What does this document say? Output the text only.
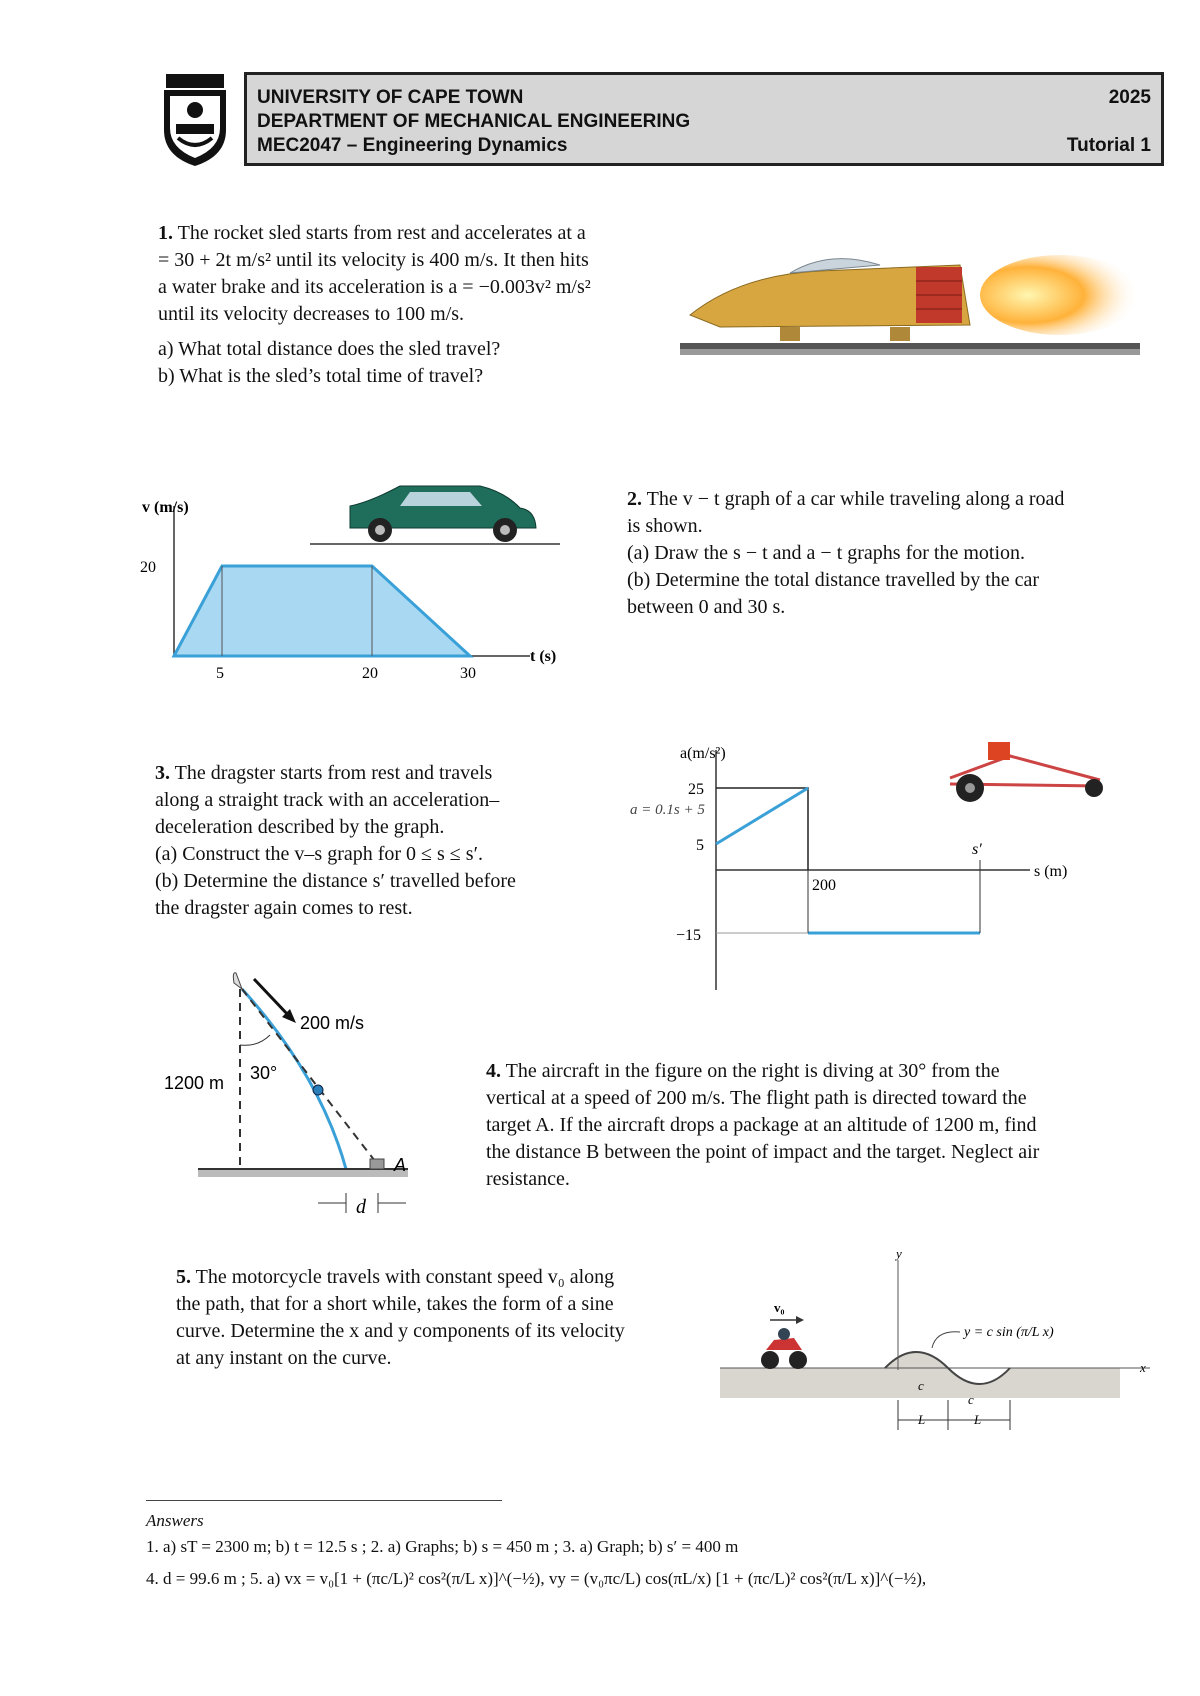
UNIVERSITY OF CAPE TOWN
DEPARTMENT OF MECHANICAL ENGINEERING
MEC2047 – Engineering Dynamics
2025
Tutorial 1

1. The rocket sled starts from rest and accelerates at a

= 30 + 2t m/s² until its velocity is 400 m/s. It then hits

a water brake and its acceleration is a = −0.003v² m/s²

until its velocity decreases to 100 m/s.

a) What total distance does the sled travel?

b) What is the sled’s total time of travel?

v (m/s)
20
5	20	30
t (s)

2. The v − t graph of a car while traveling along a road

is shown.

(a) Draw the s − t and a − t graphs for the motion.

(b) Determine the total distance travelled by the car

between 0 and 30 s.

3. The dragster starts from rest and travels

along a straight track with an acceleration–

deceleration described by the graph.

(a) Construct the v–s graph for 0 ≤ s ≤ s′.

(b) Determine the distance s′ travelled before

the dragster again comes to rest.

a(m/s²)
25
5
−15
200
s′
s (m)
a = 0.1s + 5
200 m/s
1200 m 30°
A
d

4. The aircraft in the figure on the right is diving at 30° from the

vertical at a speed of 200 m/s. The flight path is directed toward the

target A. If the aircraft drops a package at an altitude of 1200 m, find

the distance B between the point of impact and the target. Neglect air

resistance.

5. The motorcycle travels with constant speed v₀ along

the path, that for a short while, takes the form of a sine

curve. Determine the x and y components of its velocity

at any instant on the curve.

v₀
y
x
y = c sin (π/L x)
c
c
L	L
Answers
1. a) sT = 2300 m; b) t = 12.5 s ; 2. a) Graphs; b) s = 450 m ; 3. a) Graph; b) s′ = 400 m
4. d = 99.6 m ; 5. a) vx = v₀[1 + (πc/L)² cos²(π/L x)]^(−½), vy = (v₀πc/L) cos(πL/x) [1 + (πc/L)² cos²(π/L x)]^(−½),
